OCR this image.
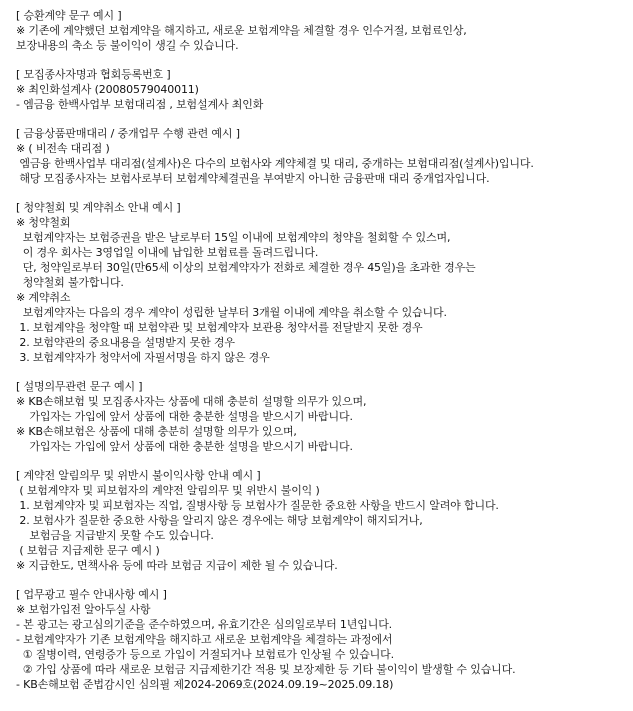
[ 승환계약 문구 예시 ]
※ 기존에 계약했던 보험계약을 해지하고, 새로운 보험계약을 체결할 경우 인수거절, 보험료인상,
보장내용의 축소 등 불이익이 생길 수 있습니다.
[ 모집종사자명과 협회등록번호 ]
※ 최인화설계사 (20080579040011)
- 엠금융 한백사업부 보험대리점 , 보험설계사 최인화
[ 금융상품판매대리 / 중개업무 수행 관련 예시 ]
※ ( 비전속 대리점 )
엠금융 한백사업부 대리점(설계사)은 다수의 보험사와 계약체결 및 대리, 중개하는 보험대리점(설계사)입니다.
해당 모집종사자는 보험사로부터 보험계약체결권을 부여받지 아니한 금융판매 대리 중개업자입니다.
[ 청약철회 및 계약취소 안내 예시 ]
※ 청약철회
보험계약자는 보험증권을 받은 날로부터 15일 이내에 보험계약의 청약을 철회할 수 있스며,
이 경우 회사는 3영업일 이내에 납입한 보험료를 돌려드립니다.
단, 청약일로부터 30일(만65세 이상의 보험계약자가 전화로 체결한 경우 45일)을 초과한 경우는
청약철회 불가합니다.
※ 계약취소
보험계약자는 다음의 경우 계약이 성립한 날부터 3개월 이내에 계약을 취소할 수 있습니다.
1. 보험계약을 청약할 때 보험약관 및 보험계약자 보관용 청약서를 전달받지 못한 경우
2. 보험약관의 중요내용을 설명받지 못한 경우
3. 보험계약자가 청약서에 자필서명을 하지 않은 경우
[ 설명의무관련 문구 예시 ]
※ KB손해보험 및 모집종사자는 상품에 대해 충분히 설명할 의무가 있으며,
가입자는 가입에 앞서 상품에 대한 충분한 설명을 받으시기 바랍니다.
※ KB손해보험은 상품에 대해 충분히 설명할 의무가 있으며,
가입자는 가입에 앞서 상품에 대한 충분한 설명을 받으시기 바랍니다.
[ 계약전 알림의무 및 위반시 불이익사항 안내 예시 ]
( 보험계약자 및 피보험자의 계약전 알림의무 및 위반시 불이익 )
1. 보험계약자 및 피보험자는 직업, 질병사항 등 보험사가 질문한 중요한 사항을 반드시 알려야 합니다.
2. 보험사가 질문한 중요한 사항을 알리지 않은 경우에는 해당 보험계약이 해지되거나,
보험금을 지급받지 못할 수도 있습니다.
( 보험금 지급제한 문구 예시 )
※ 지급한도, 면책사유 등에 따라 보험금 지급이 제한 될 수 있습니다.
[ 업무광고 필수 안내사항 예시 ]
※ 보험가입전 알아두실 사항
- 본 광고는 광고심의기준을 준수하였으며, 유효기간은 심의일로부터 1년입니다.
- 보험계약자가 기존 보험계약을 해지하고 새로운 보험계약을 체결하는 과정에서
① 질병이력, 연령증가 등으로 가입이 거절되거나 보험료가 인상될 수 있습니다.
② 가입 상품에 따라 새로운 보험금 지급제한기간 적용 및 보장제한 등 기타 불이익이 발생할 수 있습니다.
- KB손해보험 준법감시인 심의필 제2024-2069호(2024.09.19~2025.09.18)
